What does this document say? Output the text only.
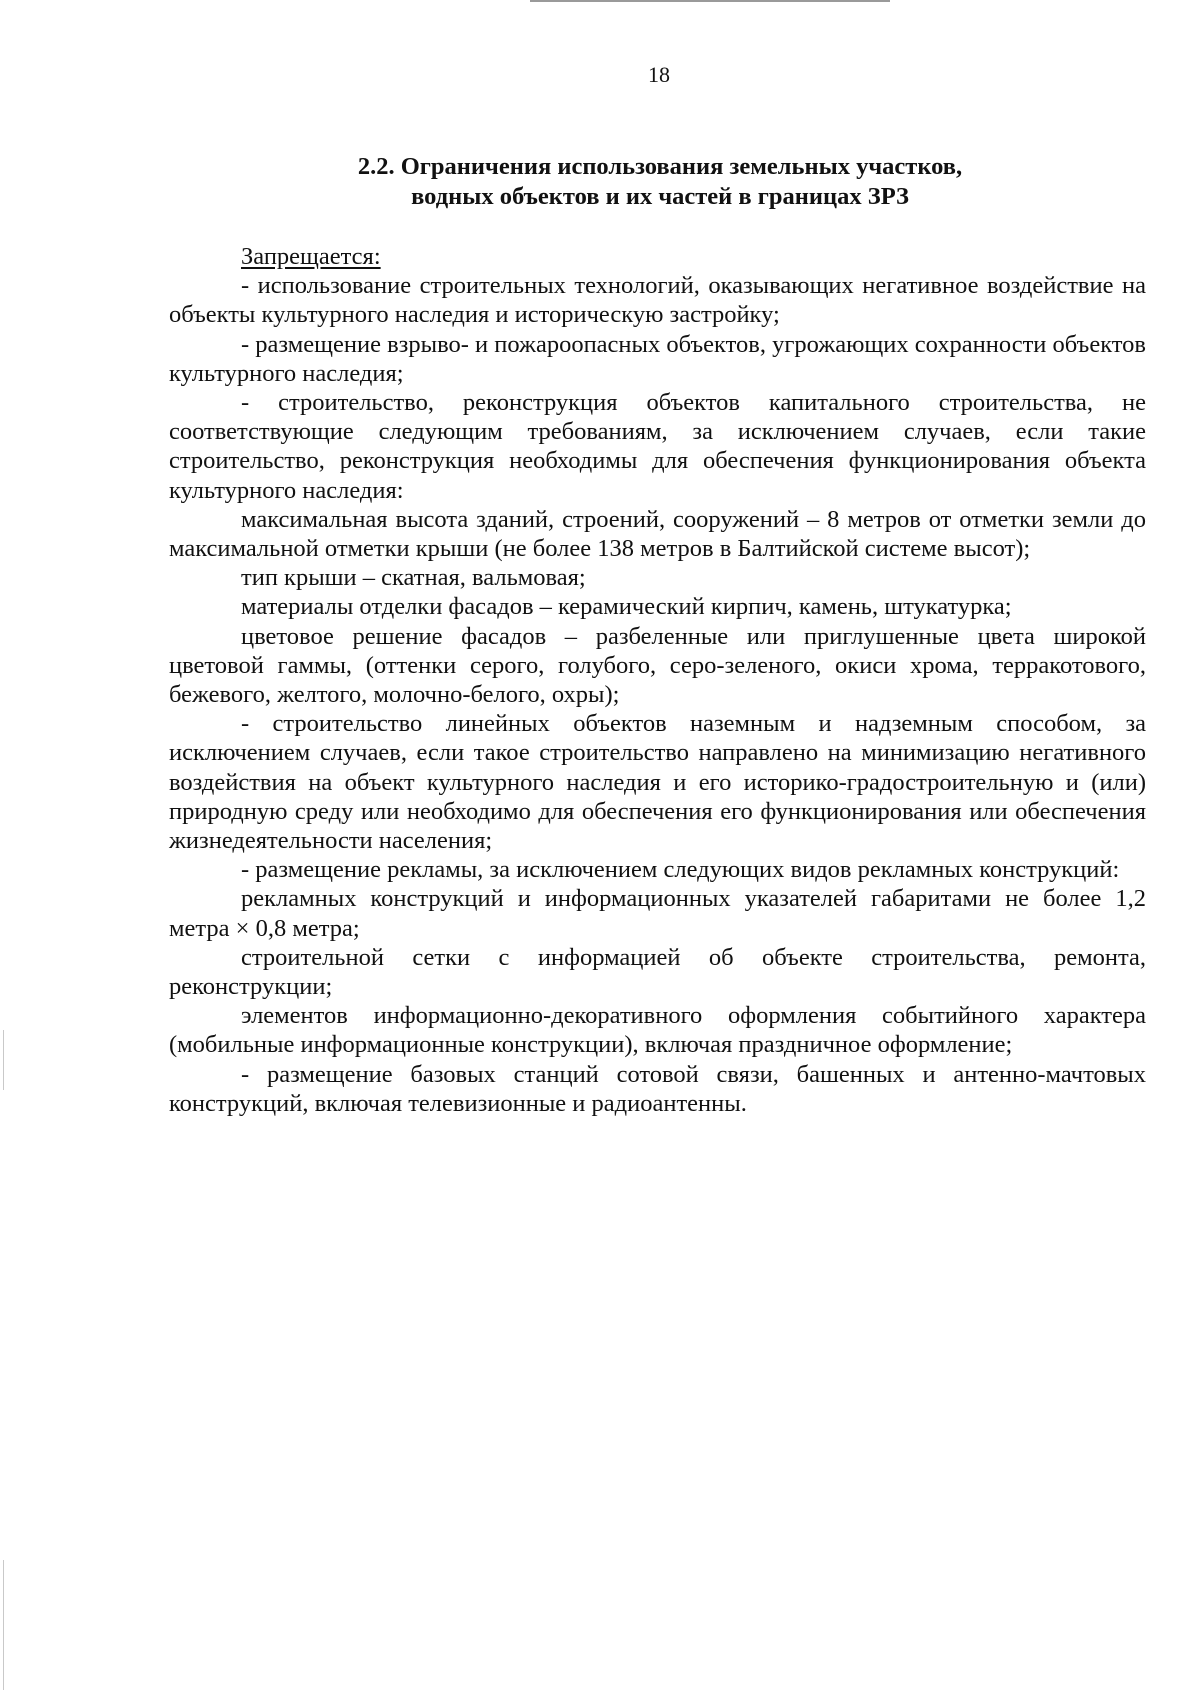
18
2.2. Ограничения использования земельных участков,
водных объектов и их частей в границах ЗРЗ

Запрещается:

- использование строительных технологий, оказывающих негативное воздействие на объекты культурного наследия и историческую застройку;

- размещение взрыво- и пожароопасных объектов, угрожающих сохранности объектов культурного наследия;

- строительство, реконструкция объектов капитального строительства, не соответствующие следующим требованиям, за исключением случаев, если такие строительство, реконструкция необходимы для обеспечения функционирования объекта культурного наследия:

максимальная высота зданий, строений, сооружений – 8 метров от отметки земли до максимальной отметки крыши (не более 138 метров в Балтийской системе высот);

тип крыши – скатная, вальмовая;

материалы отделки фасадов – керамический кирпич, камень, штукатурка;

цветовое решение фасадов – разбеленные или приглушенные цвета широкой цветовой гаммы, (оттенки серого, голубого, серо-зеленого, окиси хрома, терракотового, бежевого, желтого, молочно-белого, охры);

- строительство линейных объектов наземным и надземным способом, за исключением случаев, если такое строительство направлено на минимизацию негативного воздействия на объект культурного наследия и его историко-градостроительную и (или) природную среду или необходимо для обеспечения его функционирования или обеспечения жизнедеятельности населения;

- размещение рекламы, за исключением следующих видов рекламных конструкций:

рекламных конструкций и информационных указателей габаритами не более 1,2 метра × 0,8 метра;

строительной сетки с информацией об объекте строительства, ремонта, реконструкции;

элементов информационно-декоративного оформления событийного характера (мобильные информационные конструкции), включая праздничное оформление;

- размещение базовых станций сотовой связи, башенных и антенно-мачтовых конструкций, включая телевизионные и радиоантенны.
